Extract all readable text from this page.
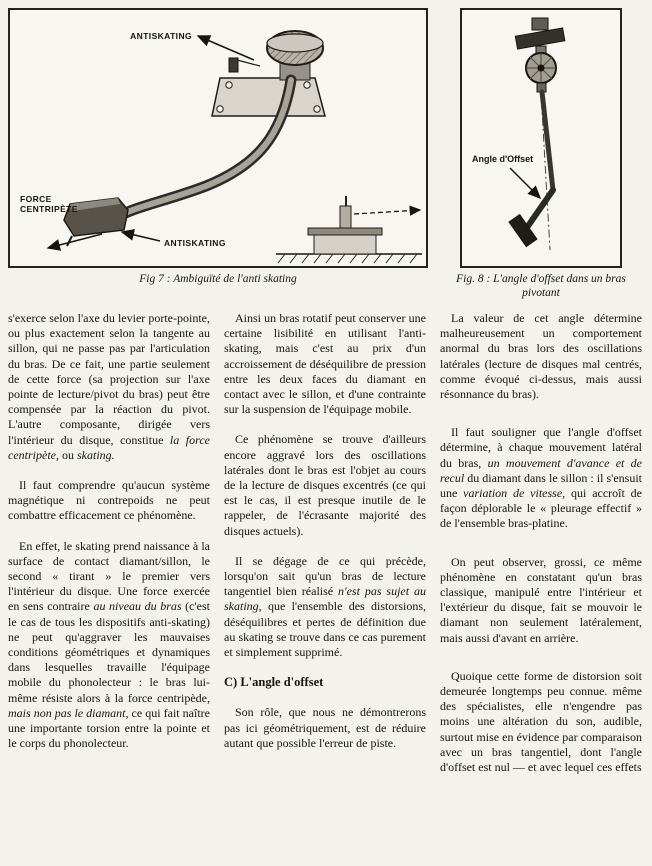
ANTISKATING
FORCE
CENTRIPÈTE
ANTISKATING
Fig 7 : Ambiguïté de l'anti skating
Angle d'Offset
Fig. 8 : L'angle d'offset dans un bras
pivotant

s'exerce selon l'axe du levier porte-pointe, ou plus exactement selon la tangente au sillon, qui ne passe pas par l'articulation du bras. De ce fait, une partie seulement de cette force (sa projection sur l'axe pointe de lecture/pivot du bras) peut être compensée par la réaction du pivot. L'autre composante, dirigée vers l'intérieur du disque, constitue la force centripète, ou skating.

Il faut comprendre qu'aucun système magnétique ni contrepoids ne peut combattre efficacement ce phénomène.

En effet, le skating prend naissance à la surface de contact diamant/sillon, le second « tirant » le premier vers l'intérieur du disque. Une force exercée en sens contraire au niveau du bras (c'est le cas de tous les dispositifs anti-skating) ne peut qu'aggraver les mauvaises conditions géométriques et dynamiques dans lesquelles travaille l'équipage mobile du phonolecteur : le bras lui-même résiste alors à la force centripède, mais non pas le diamant, ce qui fait naître une importante torsion entre la pointe et le corps du phonolecteur.

Ainsi un bras rotatif peut conserver une certaine lisibilité en utilisant l'anti-skating, mais c'est au prix d'un accroissement de déséquilibre de pression entre les deux faces du diamant en contact avec le sillon, et d'une contrainte sur la suspension de l'équipage mobile.

Ce phénomène se trouve d'ailleurs encore aggravé lors des oscillations latérales dont le bras est l'objet au cours de la lecture de disques excentrés (ce qui est le cas, il est presque inutile de le rappeler, de l'écrasante majorité des disques actuels).

Il se dégage de ce qui précède, lorsqu'on sait qu'un bras de lecture tangentiel bien réalisé n'est pas sujet au skating, que l'ensemble des distorsions, déséquilibres et pertes de définition due au skating se trouve dans ce cas purement et simplement supprimé.

C) L'angle d'offset

Son rôle, que nous ne démontrerons pas ici géométriquement, est de réduire autant que possible l'erreur de piste.

La valeur de cet angle détermine malheureusement un comportement anormal du bras lors des oscillations latérales (lecture de disques mal centrés, comme évoqué ci-dessus, mais aussi résonnance du bras).

Il faut souligner que l'angle d'offset détermine, à chaque mouvement latéral du bras, un mouvement d'avance et de recul du diamant dans le sillon : il s'ensuit une variation de vitesse, qui accroît de façon déplorable le « pleurage effectif » de l'ensemble bras-platine.

On peut observer, grossi, ce même phénomène en constatant qu'un bras classique, manipulé entre l'intérieur et l'extérieur du disque, fait se mouvoir le diamant non seulement latéralement, mais aussi d'avant en arrière.

Quoique cette forme de distorsion soit demeurée longtemps peu connue. même des spécialistes, elle n'engendre pas moins une altération du son, audible, surtout mise en évidence par comparaison avec un bras tangentiel, dont l'angle d'offset est nul — et avec lequel ces effets
